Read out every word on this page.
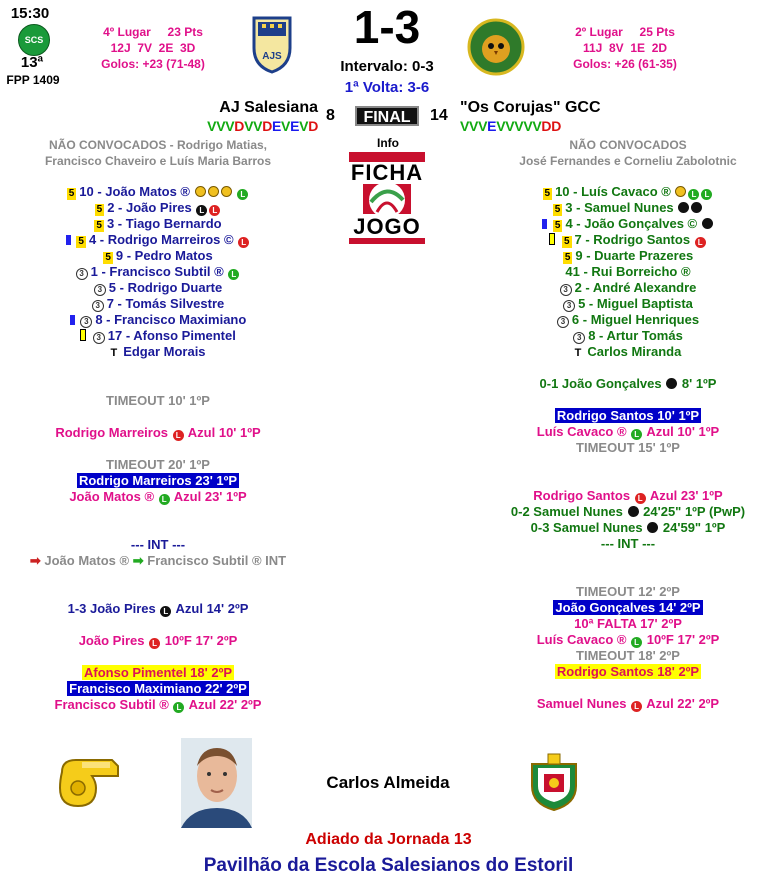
15:30
SCS
13ª
FPP 1409
4º Lugar     23 Pts
12J  7V  2E  3D
Golos: +23 (71-48)
AJS
1-3
Intervalo: 0-3
1ª Volta: 3-6
2º Lugar     25 Pts
11J  8V  1E  2D
Golos: +26 (61-35)
AJ Salesiana
VVVDVVDEVEVD
8	FINAL	14 "Os Corujas" GCC
VVVEVVVVVDD
NÃO CONVOCADOS - Rodrigo Matias,
Francisco Chaveiro e Luís Maria Barros
NÃO CONVOCADOS
José Fernandes e Corneliu Zabolotnic
Info
FICHA
JOGO
5 10 - João Matos ®	L
5 2 - João Pires L L
5 3 - Tiago Bernardo
5 4 - Rodrigo Marreiros © L
5 9 - Pedro Matos
3 1 - Francisco Subtil ® L
3 5 - Rodrigo Duarte
3 7 - Tomás Silvestre
3 8 - Francisco Maximiano
3 17 - Afonso Pimentel
T Edgar Morais
5 10 - Luís Cavaco ®	L L
5 3 - Samuel Nunes
5 4 - João Gonçalves ©
5 7 - Rodrigo Santos L
5 9 - Duarte Prazeres
41 - Rui Borreicho ®
3 2 - André Alexandre
3 5 - Miguel Baptista
3 6 - Miguel Henriques
3 8 - Artur Tomás
T Carlos Miranda
TIMEOUT 10' 1ºP
Rodrigo Marreiros L Azul 10' 1ºP
TIMEOUT 20' 1ºP
Rodrigo Marreiros 23' 1ºP
João Matos ® L Azul 23' 1ºP
--- INT ---
➡ João Matos ® ➡ Francisco Subtil ® INT
1-3 João Pires L Azul 14' 2ºP
João Pires L 10ºF 17' 2ºP
Afonso Pimentel 18' 2ºP
Francisco Maximiano 22' 2ºP
Francisco Subtil ® L Azul 22' 2ºP
0-1 João Gonçalves 8' 1ºP
Rodrigo Santos 10' 1ºP
Luís Cavaco ® L Azul 10' 1ºP
TIMEOUT 15' 1ºP
Rodrigo Santos L Azul 23' 1ºP
0-2 Samuel Nunes 24'25" 1ºP (PwP)
0-3 Samuel Nunes 24'59" 1ºP
--- INT ---
TIMEOUT 12' 2ºP
João Gonçalves 14' 2ºP
10ª FALTA 17' 2ºP
Luís Cavaco ® L 10ºF 17' 2ºP
TIMEOUT 18' 2ºP
Rodrigo Santos 18' 2ºP
Samuel Nunes L Azul 22' 2ºP
Carlos Almeida
Adiado da Jornada 13
Pavilhão da Escola Salesianos do Estoril
